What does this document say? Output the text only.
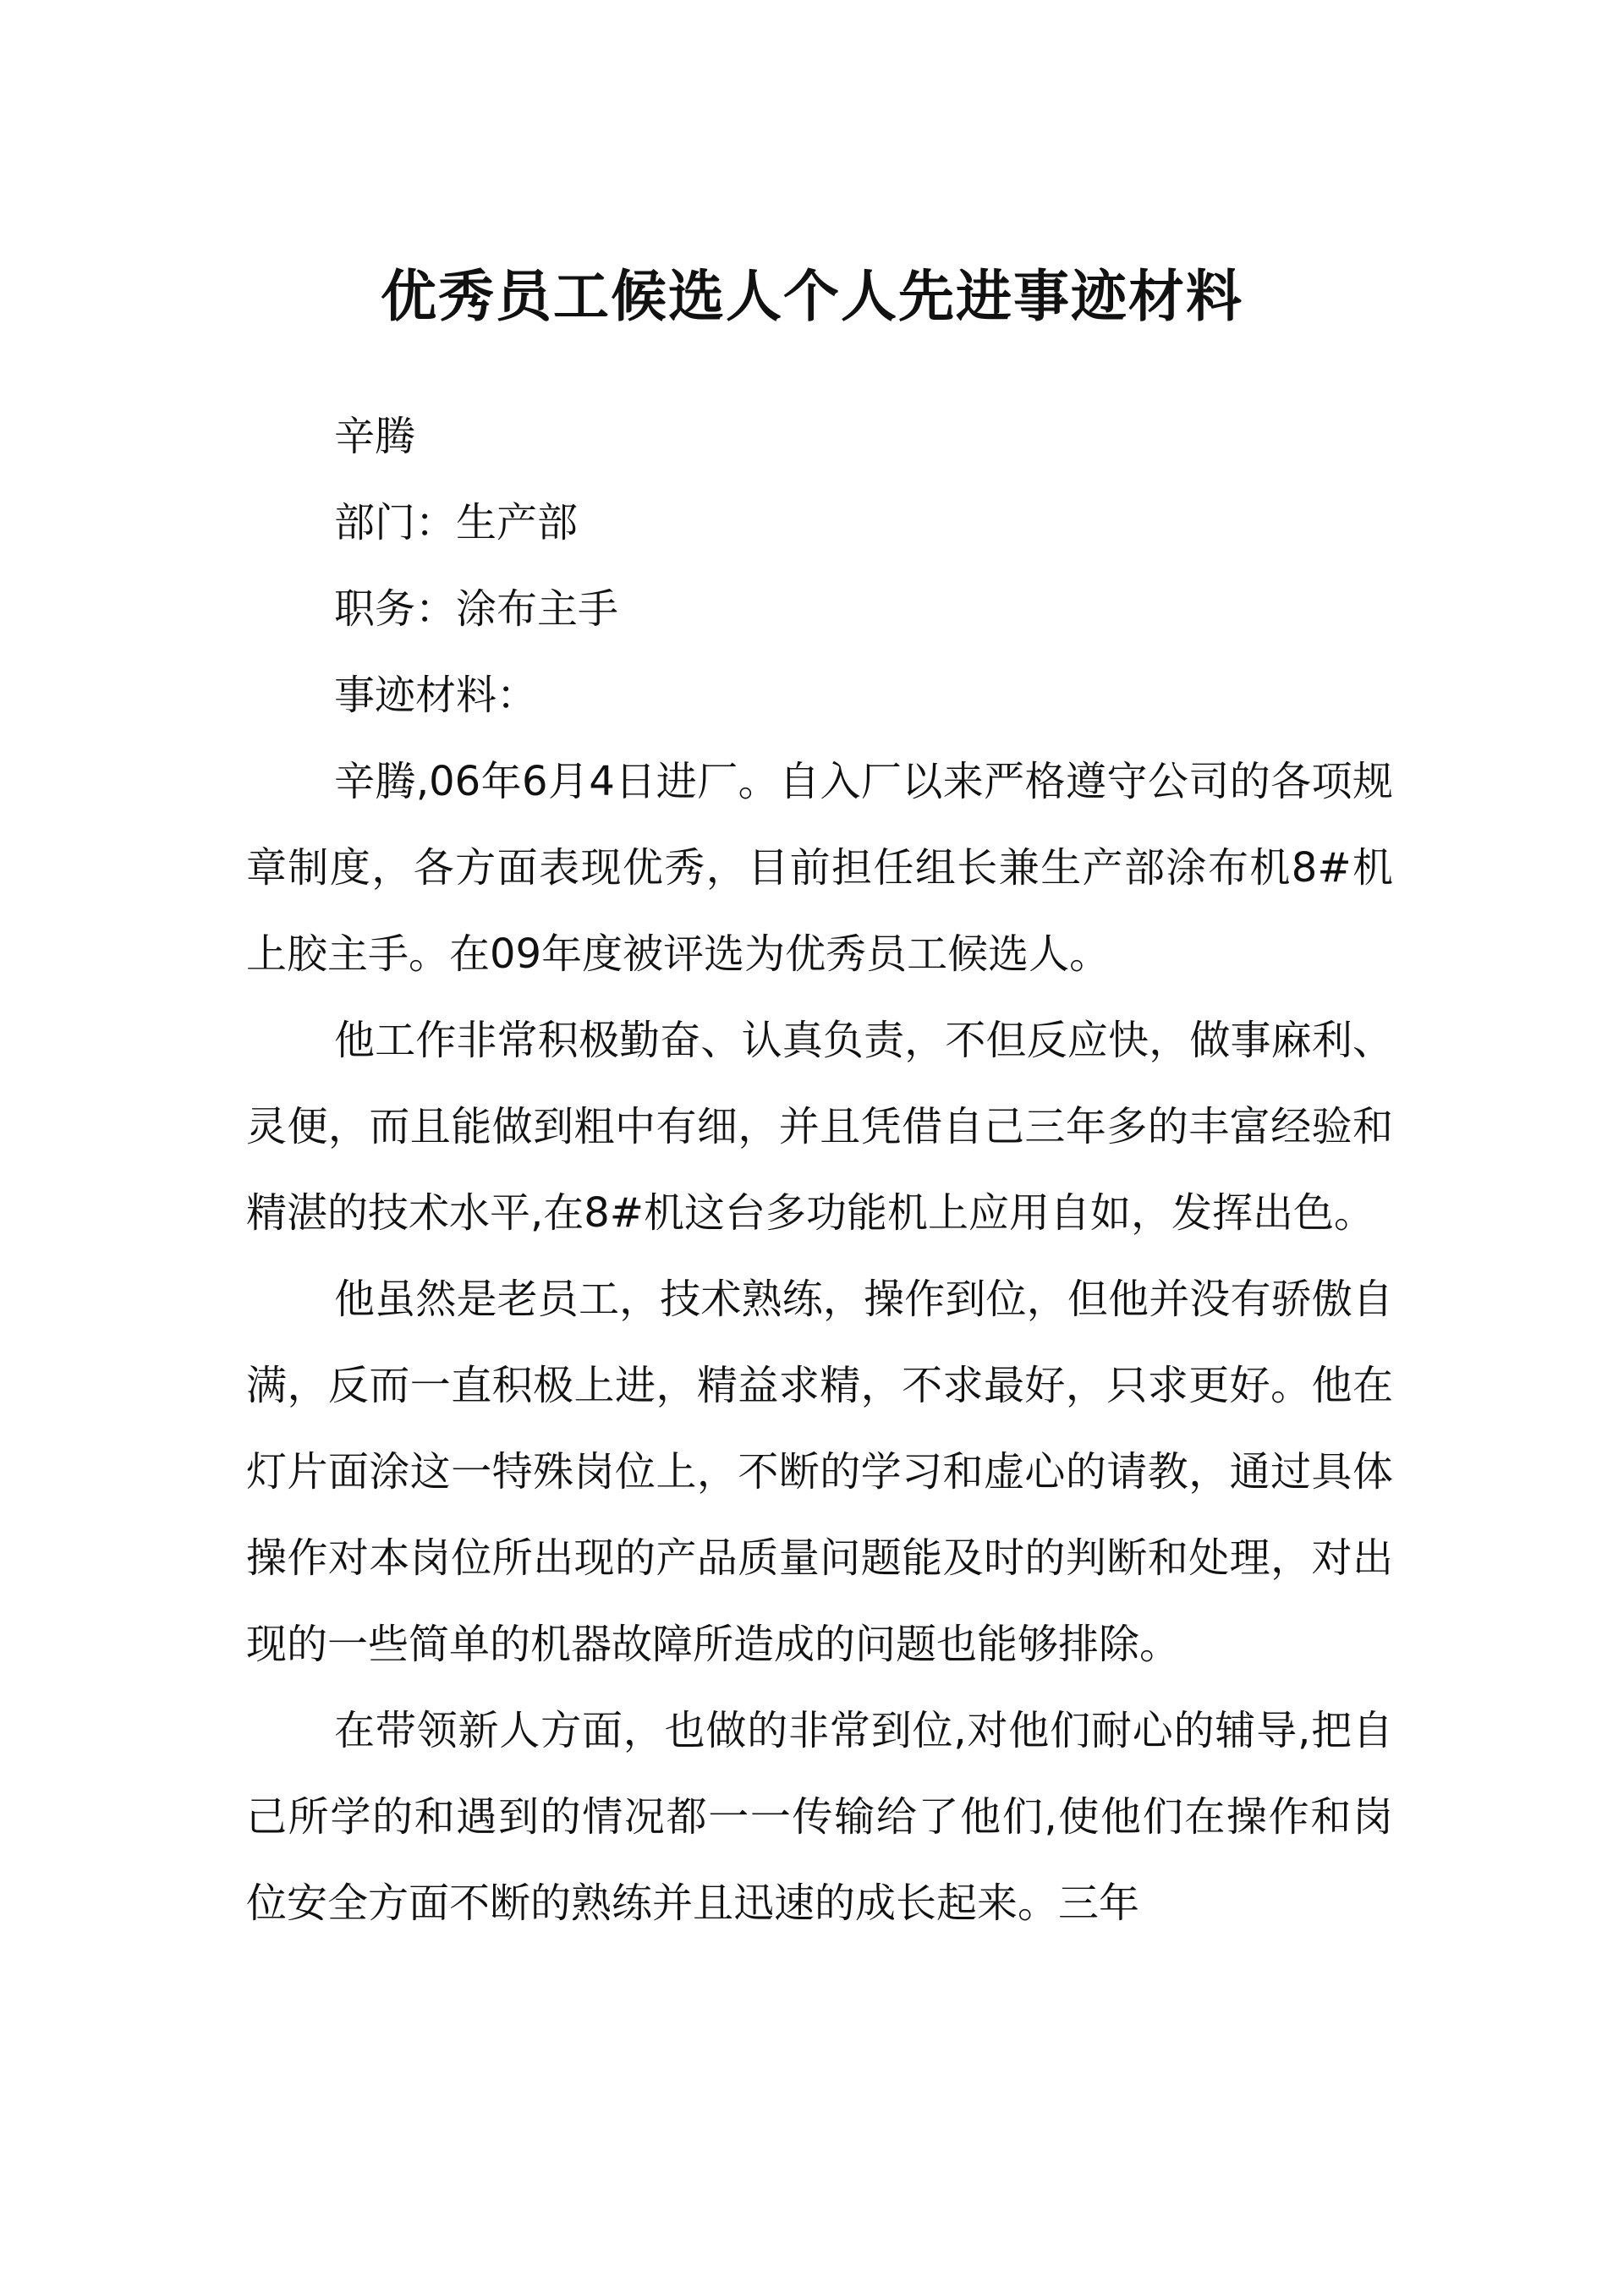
优秀员工候选人个人先进事迹材料

辛腾

部门：生产部

职务：涂布主手

事迹材料：

辛腾,06年6月4日进厂。自入厂以来严格遵守公司的各项规章制度，各方面表现优秀，目前担任组长兼生产部涂布机8#机上胶主手。在09年度被评选为优秀员工候选人。

他工作非常积极勤奋、认真负责，不但反应快，做事麻利、灵便，而且能做到粗中有细，并且凭借自己三年多的丰富经验和精湛的技术水平,在8#机这台多功能机上应用自如，发挥出色。

他虽然是老员工，技术熟练，操作到位，但他并没有骄傲自满，反而一直积极上进，精益求精，不求最好，只求更好。他在灯片面涂这一特殊岗位上，不断的学习和虚心的请教，通过具体操作对本岗位所出现的产品质量问题能及时的判断和处理，对出现的一些简单的机器故障所造成的问题也能够排除。

在带领新人方面，也做的非常到位,对他们耐心的辅导,把自己所学的和遇到的情况都一一传输给了他们,使他们在操作和岗位安全方面不断的熟练并且迅速的成长起来。三年
